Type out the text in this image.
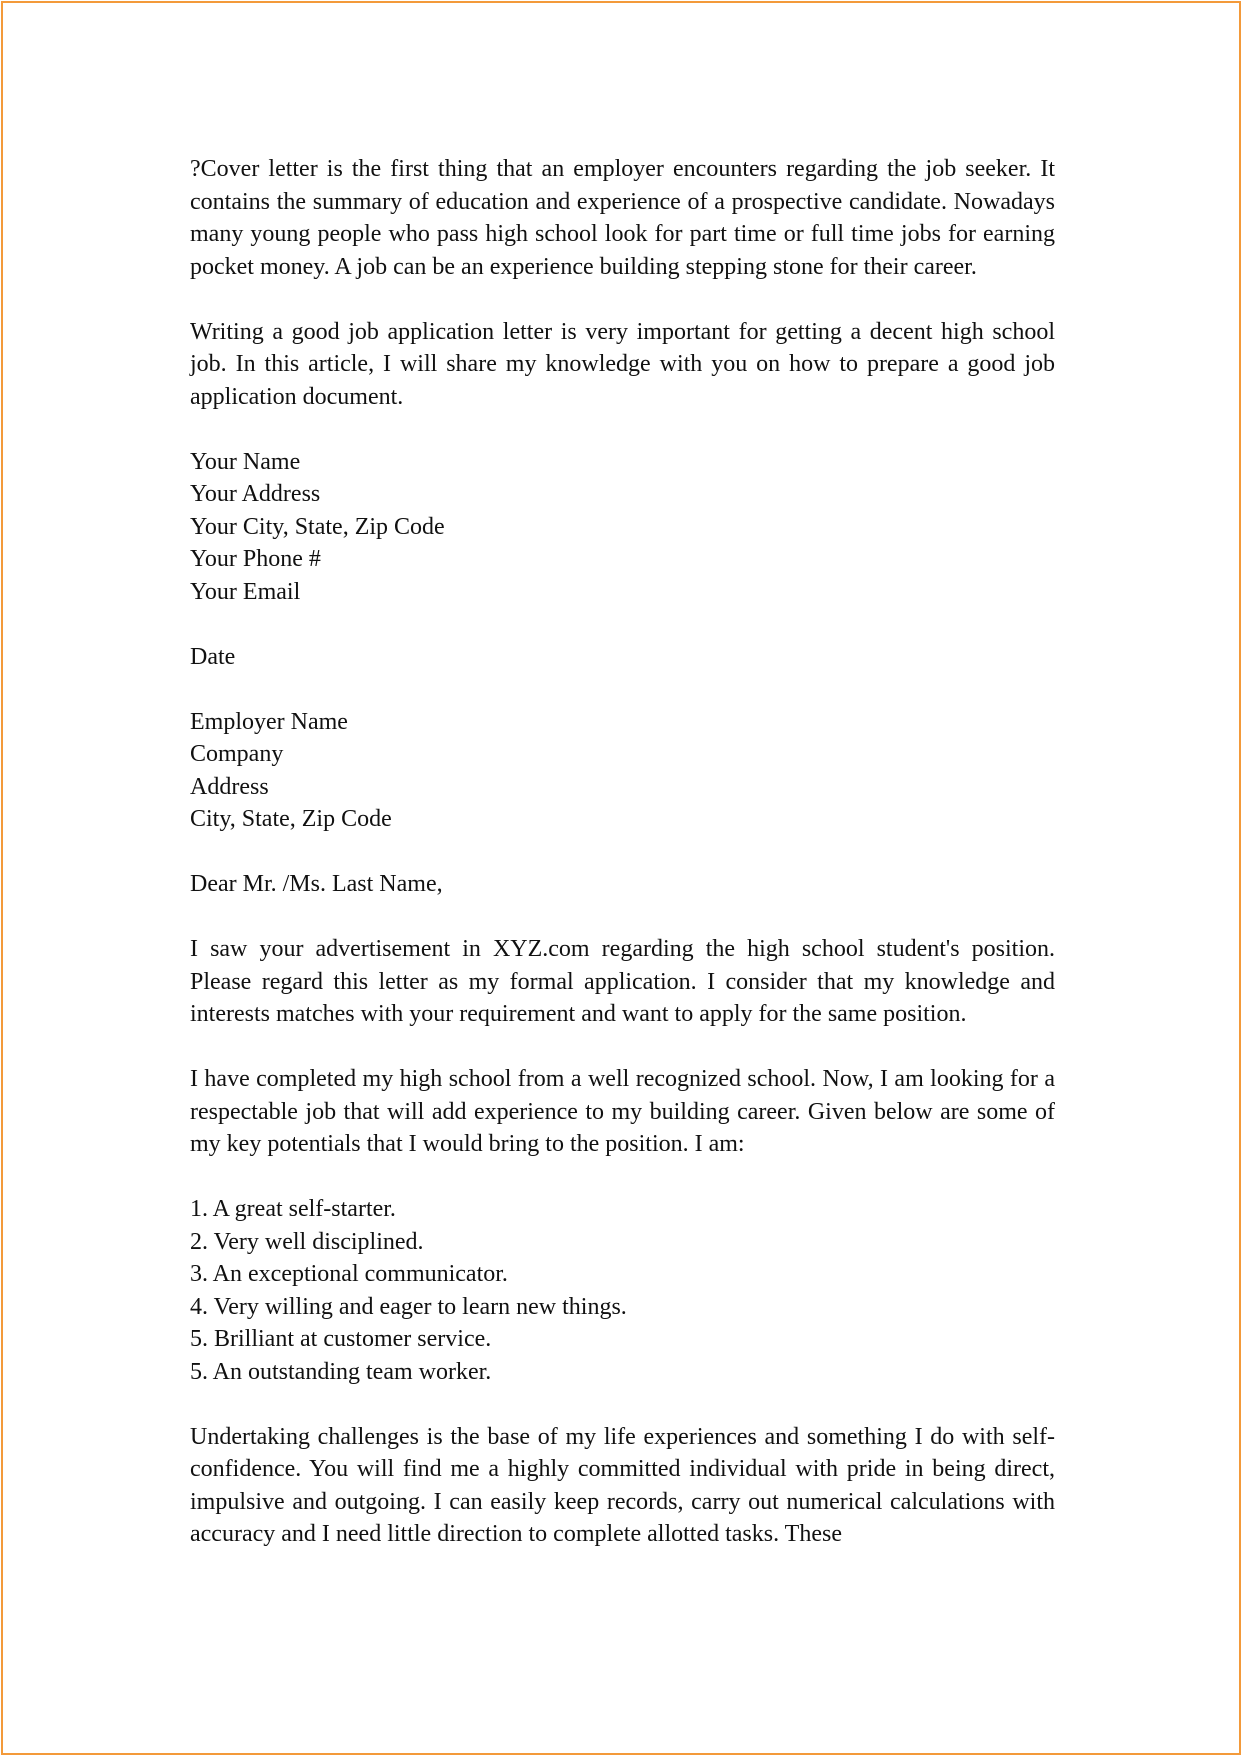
?Cover letter is the first thing that an employer encounters regarding the job seeker. It contains the summary of education and experience of a prospective candidate. Nowadays many young people who pass high school look for part time or full time jobs for earning pocket money. A job can be an experience building stepping stone for their career.

Writing a good job application letter is very important for getting a decent high school job. In this article, I will share my knowledge with you on how to prepare a good job application document.

Your Name
Your Address
Your City, State, Zip Code
Your Phone #
Your Email
Date
Employer Name
Company
Address
City, State, Zip Code
Dear Mr. /Ms. Last Name,

I saw your advertisement in XYZ.com regarding the high school student's position. Please regard this letter as my formal application. I consider that my knowledge and interests matches with your requirement and want to apply for the same position.

I have completed my high school from a well recognized school. Now, I am looking for a respectable job that will add experience to my building career. Given below are some of my key potentials that I would bring to the position. I am:

1. A great self-starter.
2. Very well disciplined.
3. An exceptional communicator.
4. Very willing and eager to learn new things.
5. Brilliant at customer service.
5. An outstanding team worker.

Undertaking challenges is the base of my life experiences and something I do with self-confidence. You will find me a highly committed individual with pride in being direct, impulsive and outgoing. I can easily keep records, carry out numerical calculations with accuracy and I need little direction to complete allotted tasks. These
